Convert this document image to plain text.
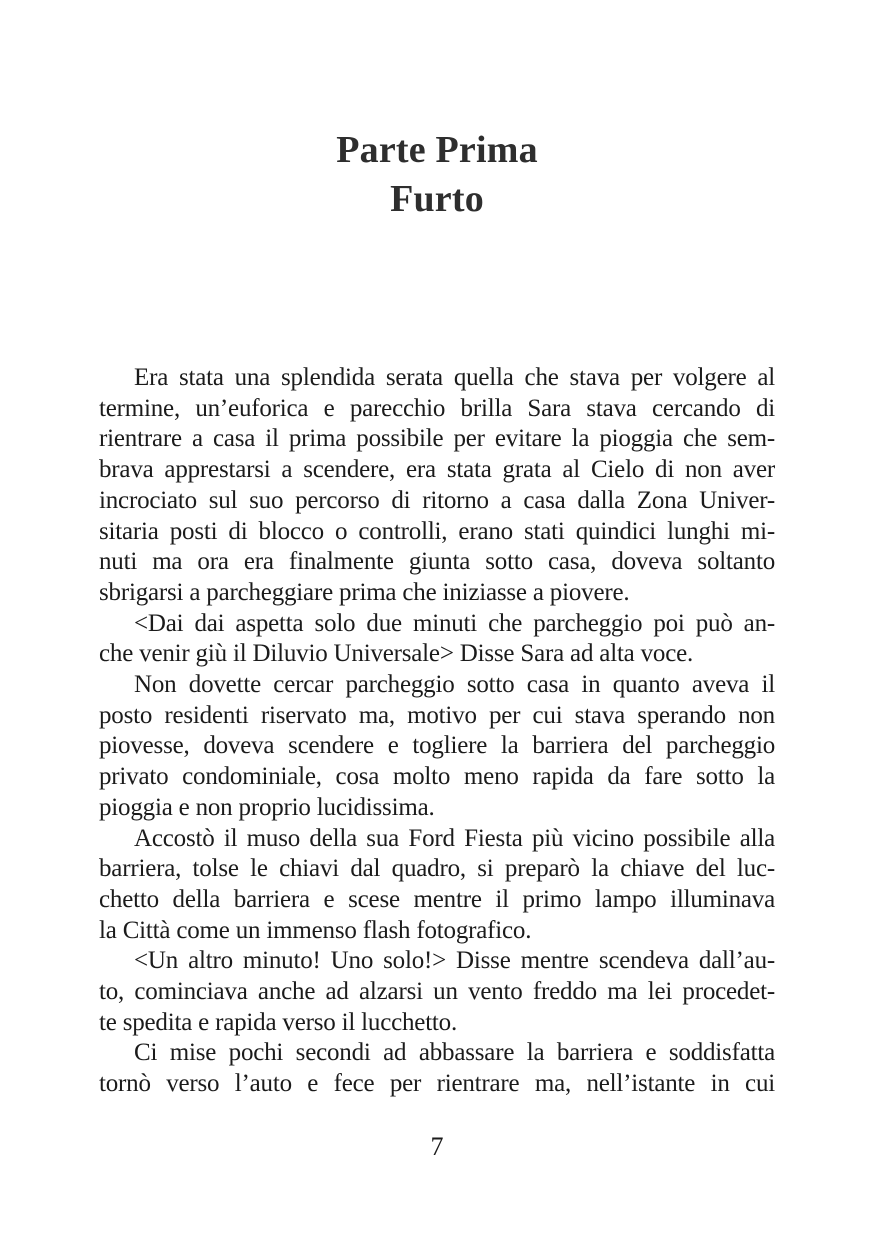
Parte Prima
Furto
Era stata una splendida serata quella che stava per volgere al
termine, un’euforica e parecchio brilla Sara stava cercando di
rientrare a casa il prima possibile per evitare la pioggia che sem-
brava apprestarsi a scendere, era stata grata al Cielo di non aver
incrociato sul suo percorso di ritorno a casa dalla Zona Univer-
sitaria posti di blocco o controlli, erano stati quindici lunghi mi-
nuti ma ora era finalmente giunta sotto casa, doveva soltanto
sbrigarsi a parcheggiare prima che iniziasse a piovere.
<Dai dai aspetta solo due minuti che parcheggio poi può an-
che venir giù il Diluvio Universale> Disse Sara ad alta voce.
Non dovette cercar parcheggio sotto casa in quanto aveva il
posto residenti riservato ma, motivo per cui stava sperando non
piovesse, doveva scendere e togliere la barriera del parcheggio
privato condominiale, cosa molto meno rapida da fare sotto la
pioggia e non proprio lucidissima.
Accostò il muso della sua Ford Fiesta più vicino possibile alla
barriera, tolse le chiavi dal quadro, si preparò la chiave del luc-
chetto della barriera e scese mentre il primo lampo illuminava
la Città come un immenso flash fotografico.
<Un altro minuto! Uno solo!> Disse mentre scendeva dall’au-
to, cominciava anche ad alzarsi un vento freddo ma lei procedet-
te spedita e rapida verso il lucchetto.
Ci mise pochi secondi ad abbassare la barriera e soddisfatta
tornò verso l’auto e fece per rientrare ma, nell’istante in cui
7
